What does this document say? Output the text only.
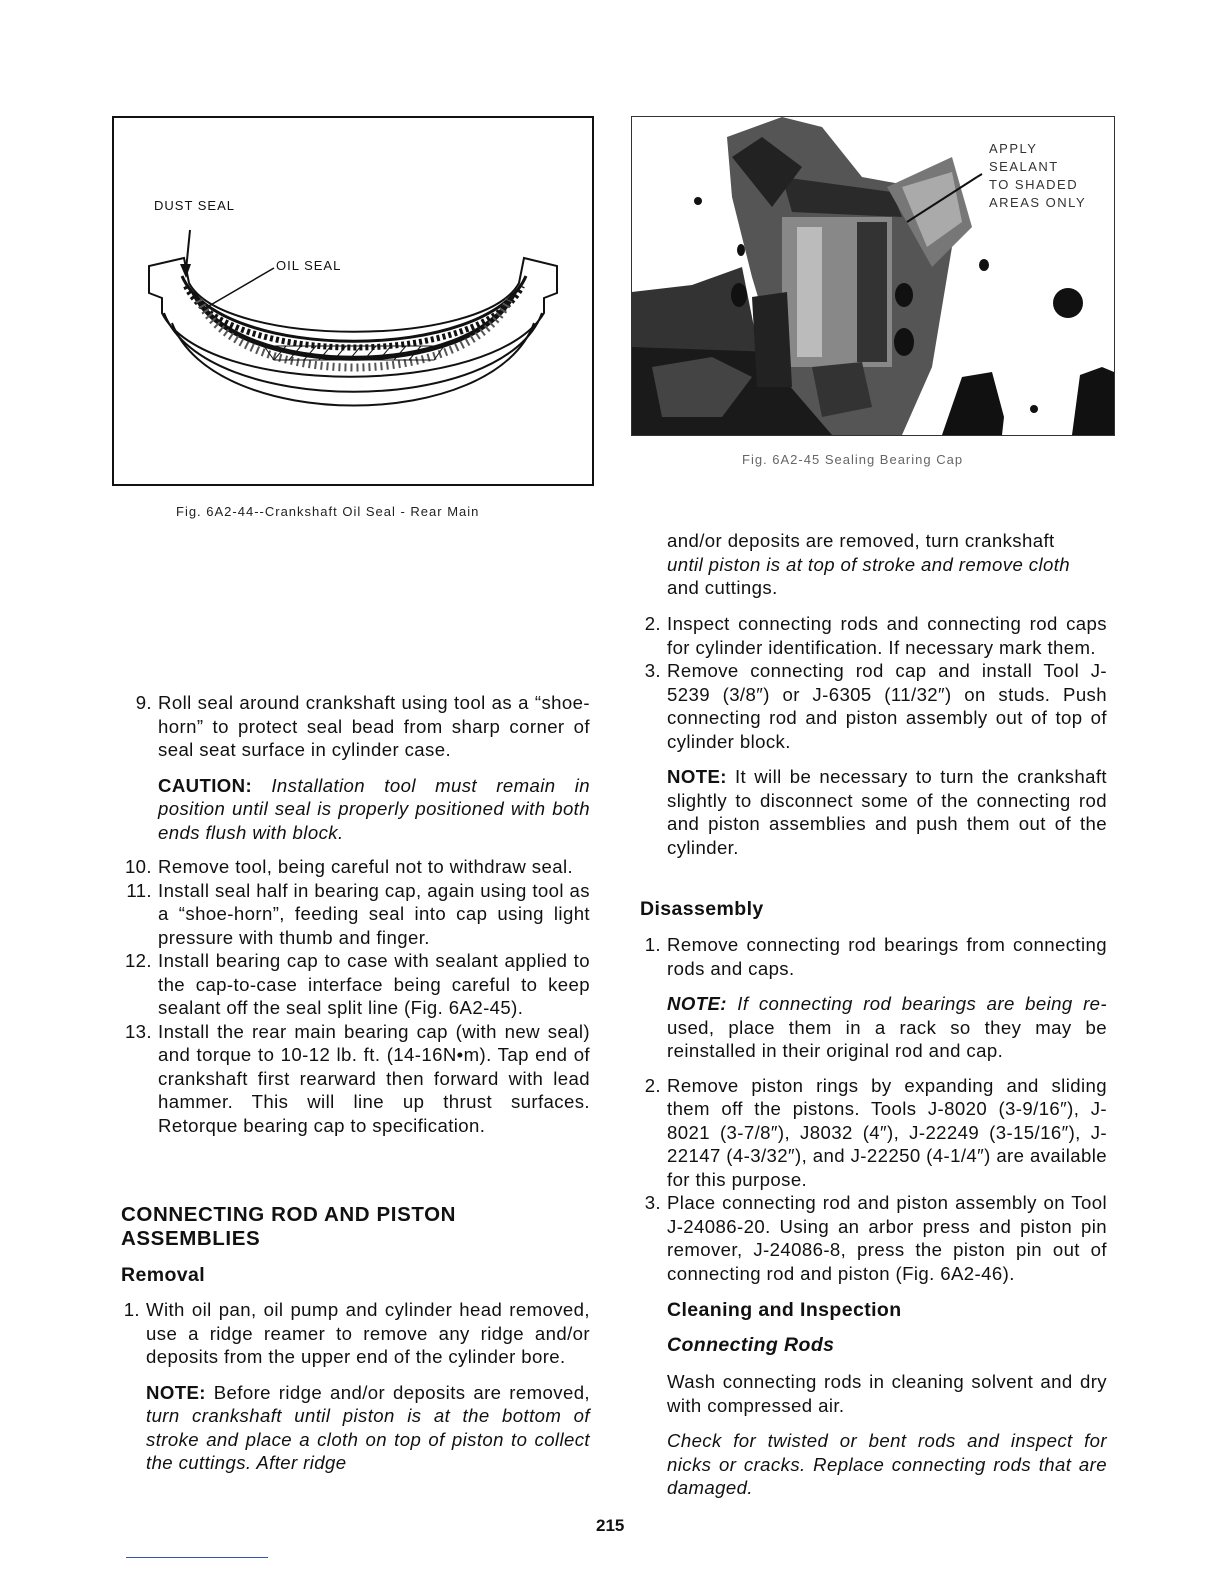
DUST SEAL
OIL SEAL
Fig. 6A2-44--Crankshaft Oil Seal - Rear Main
APPLY
SEALANT
TO SHADED
AREAS ONLY
Fig. 6A2-45 Sealing Bearing Cap
9. Roll seal around crankshaft using tool as a “shoe-horn” to protect seal bead from sharp corner of seal seat surface in cylinder case.
CAUTION: Installation tool must remain in position until seal is properly positioned with both ends flush with block.
10. Remove tool, being careful not to withdraw seal.
11. Install seal half in bearing cap, again using tool as a “shoe-horn”, feeding seal into cap using light pressure with thumb and finger.
12. Install bearing cap to case with sealant applied to the cap-to-case interface being careful to keep sealant off the seal split line (Fig. 6A2-45).
13. Install the rear main bearing cap (with new seal) and torque to 10-12 lb. ft. (14-16N•m). Tap end of crankshaft first rearward then forward with lead hammer. This will line up thrust surfaces. Retorque bearing cap to specification.
CONNECTING ROD AND PISTON ASSEMBLIES
Removal
1. With oil pan, oil pump and cylinder head removed, use a ridge reamer to remove any ridge and/or deposits from the upper end of the cylinder bore.
NOTE: Before ridge and/or deposits are removed, turn crankshaft until piston is at the bottom of stroke and place a cloth on top of piston to collect the cuttings. After ridge
and/or deposits are removed, turn crankshaft
until piston is at top of stroke and remove cloth
and cuttings.
2. Inspect connecting rods and connecting rod caps for cylinder identification. If necessary mark them.
3. Remove connecting rod cap and install Tool J-5239 (3/8″) or J-6305 (11/32″) on studs. Push connecting rod and piston assembly out of top of cylinder block.
NOTE: It will be necessary to turn the crankshaft slightly to disconnect some of the connecting rod and piston assemblies and push them out of the cylinder.
Disassembly
1. Remove connecting rod bearings from connecting rods and caps.
NOTE: If connecting rod bearings are being re- used, place them in a rack so they may be reinstalled in their original rod and cap.
2. Remove piston rings by expanding and sliding them off the pistons. Tools J-8020 (3-9/16″), J-8021 (3-7/8″), J8032 (4″), J-22249 (3-15/16″), J-22147 (4-3/32″), and J-22250 (4-1/4″) are available for this purpose.
3. Place connecting rod and piston assembly on Tool J-24086-20. Using an arbor press and piston pin remover, J-24086-8, press the piston pin out of connecting rod and piston (Fig. 6A2-46).
Cleaning and Inspection
Connecting Rods
Wash connecting rods in cleaning solvent and dry with compressed air.
Check for twisted or bent rods and inspect for nicks or cracks. Replace connecting rods that are damaged.
215
